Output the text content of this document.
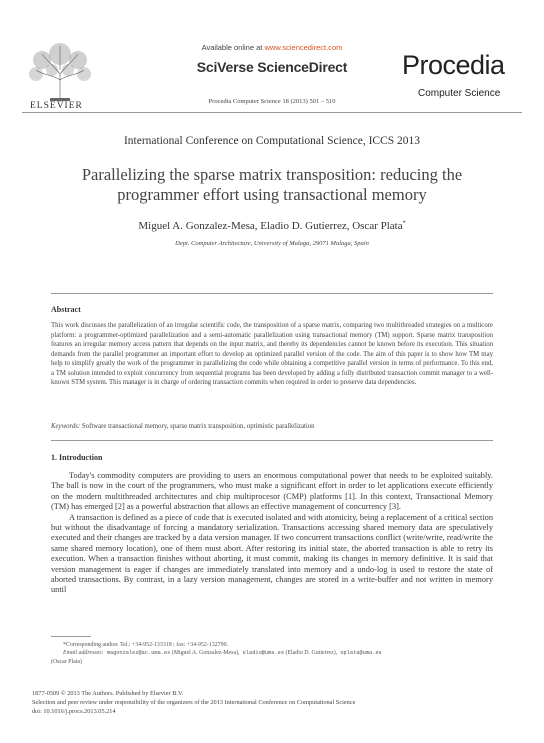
ELSEVIER
Available online at www.sciencedirect.com
SciVerse ScienceDirect
Procedia Computer Science 18 (2013) 501 – 510
Procedia
Computer Science
International Conference on Computational Science, ICCS 2013
Parallelizing the sparse matrix transposition: reducing the programmer effort using transactional memory
Miguel A. Gonzalez-Mesa, Eladio D. Gutierrez, Oscar Plata*
Dept. Computer Architecture, University of Malaga, 29071 Malaga, Spain
Abstract
This work discusses the parallelization of an irregular scientific code, the transposition of a sparse matrix, comparing two multithreaded strategies on a multicore platform: a programmer-optimized parallelization and a semi-automatic parallelization using transactional memory (TM) support. Sparse matrix transposition features an irregular memory access pattern that depends on the input matrix, and thereby its dependencies cannot be known before its execution. This situation demands from the parallel programmer an important effort to develop an optimized parallel version of the code. The aim of this paper is to show how TM may help to simplify greatly the work of the programmer in parallelizing the code while obtaining a competitive parallel version in terms of performance. To this end, a TM solution intended to exploit concurrency from sequential programs has been developed by adding a fully distributed transaction commit manager to a well-known STM system. This manager is in charge of ordering transaction commits when required in order to preserve data dependencies.
Keywords: Software transactional memory, sparse matrix transposition, optimistic parallelization
1. Introduction

Today's commodity computers are providing to users an enormous computational power that needs to be exploited suitably. The ball is now in the court of the programmers, who must make a significant effort in order to let applications execute efficiently on the modern multithreaded architectures and chip multiprocesor (CMP) platforms [1]. In this context, Transactional Memory (TM) has emerged [2] as a powerful abstraction that allows an effective management of concurrency [3].

A transaction is defined as a piece of code that is executed isolated and with atomicity, being a replacement of a critical section but without the disadvantage of forcing a mandatory serialization. Transactions accessing shared memory data are speculatively executed and their changes are tracked by a data version manager. If two concurrent transactions conflict (write/write, read/write the same shared memory location), one of them must abort. After restoring its initial state, the aborted transaction is able to retry its execution. When a transaction finishes without aborting, it must commit, making its changes in memory definitive. It is said that version management is eager if changes are immediately translated into memory and a undo-log is used to restore the state of aborted transactions. By contrast, in a lazy version management, changes are stored in a write-buffer and not written in memory until

*Corresponding author. Tel.: +34-952-133318 ; fax: +34-952-132790.
Email addresses: magonzalez@ac.uma.es (Miguel A. Gonzalez-Mesa), eladio@uma.es (Eladio D. Gutierrez), oplata@uma.es
(Oscar Plata)
1877-0509 © 2013 The Authors. Published by Elsevier B.V.
Selection and peer review under responsibility of the organizers of the 2013 International Conference on Computational Science
doi: 10.1016/j.procs.2013.05.214
